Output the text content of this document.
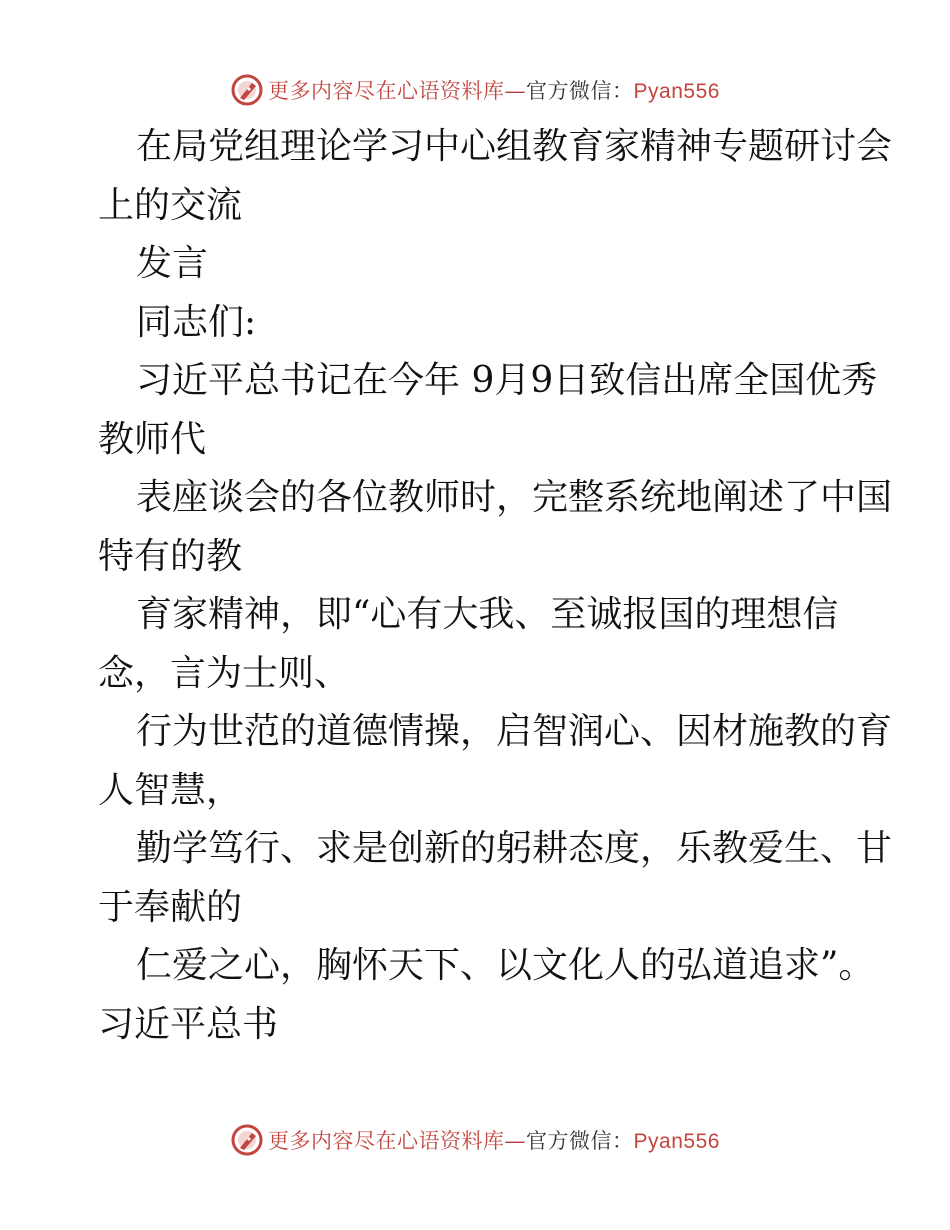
更多内容尽在心语资料库—官方微信：Pyan556
在局党组理论学习中心组教育家精神专题研讨会
上的交流
发言
同志们:
习近平总书记在今年 9月9日致信出席全国优秀
教师代
表座谈会的各位教师时，完整系统地阐述了中国
特有的教
育家精神，即“心有大我、至诚报国的理想信
念，言为士则、
行为世范的道德情操，启智润心、因材施教的育
人智慧，
勤学笃行、求是创新的躬耕态度，乐教爱生、甘
于奉献的
仁爱之心，胸怀天下、以文化人的弘道追求”。
习近平总书
更多内容尽在心语资料库—官方微信：Pyan556
